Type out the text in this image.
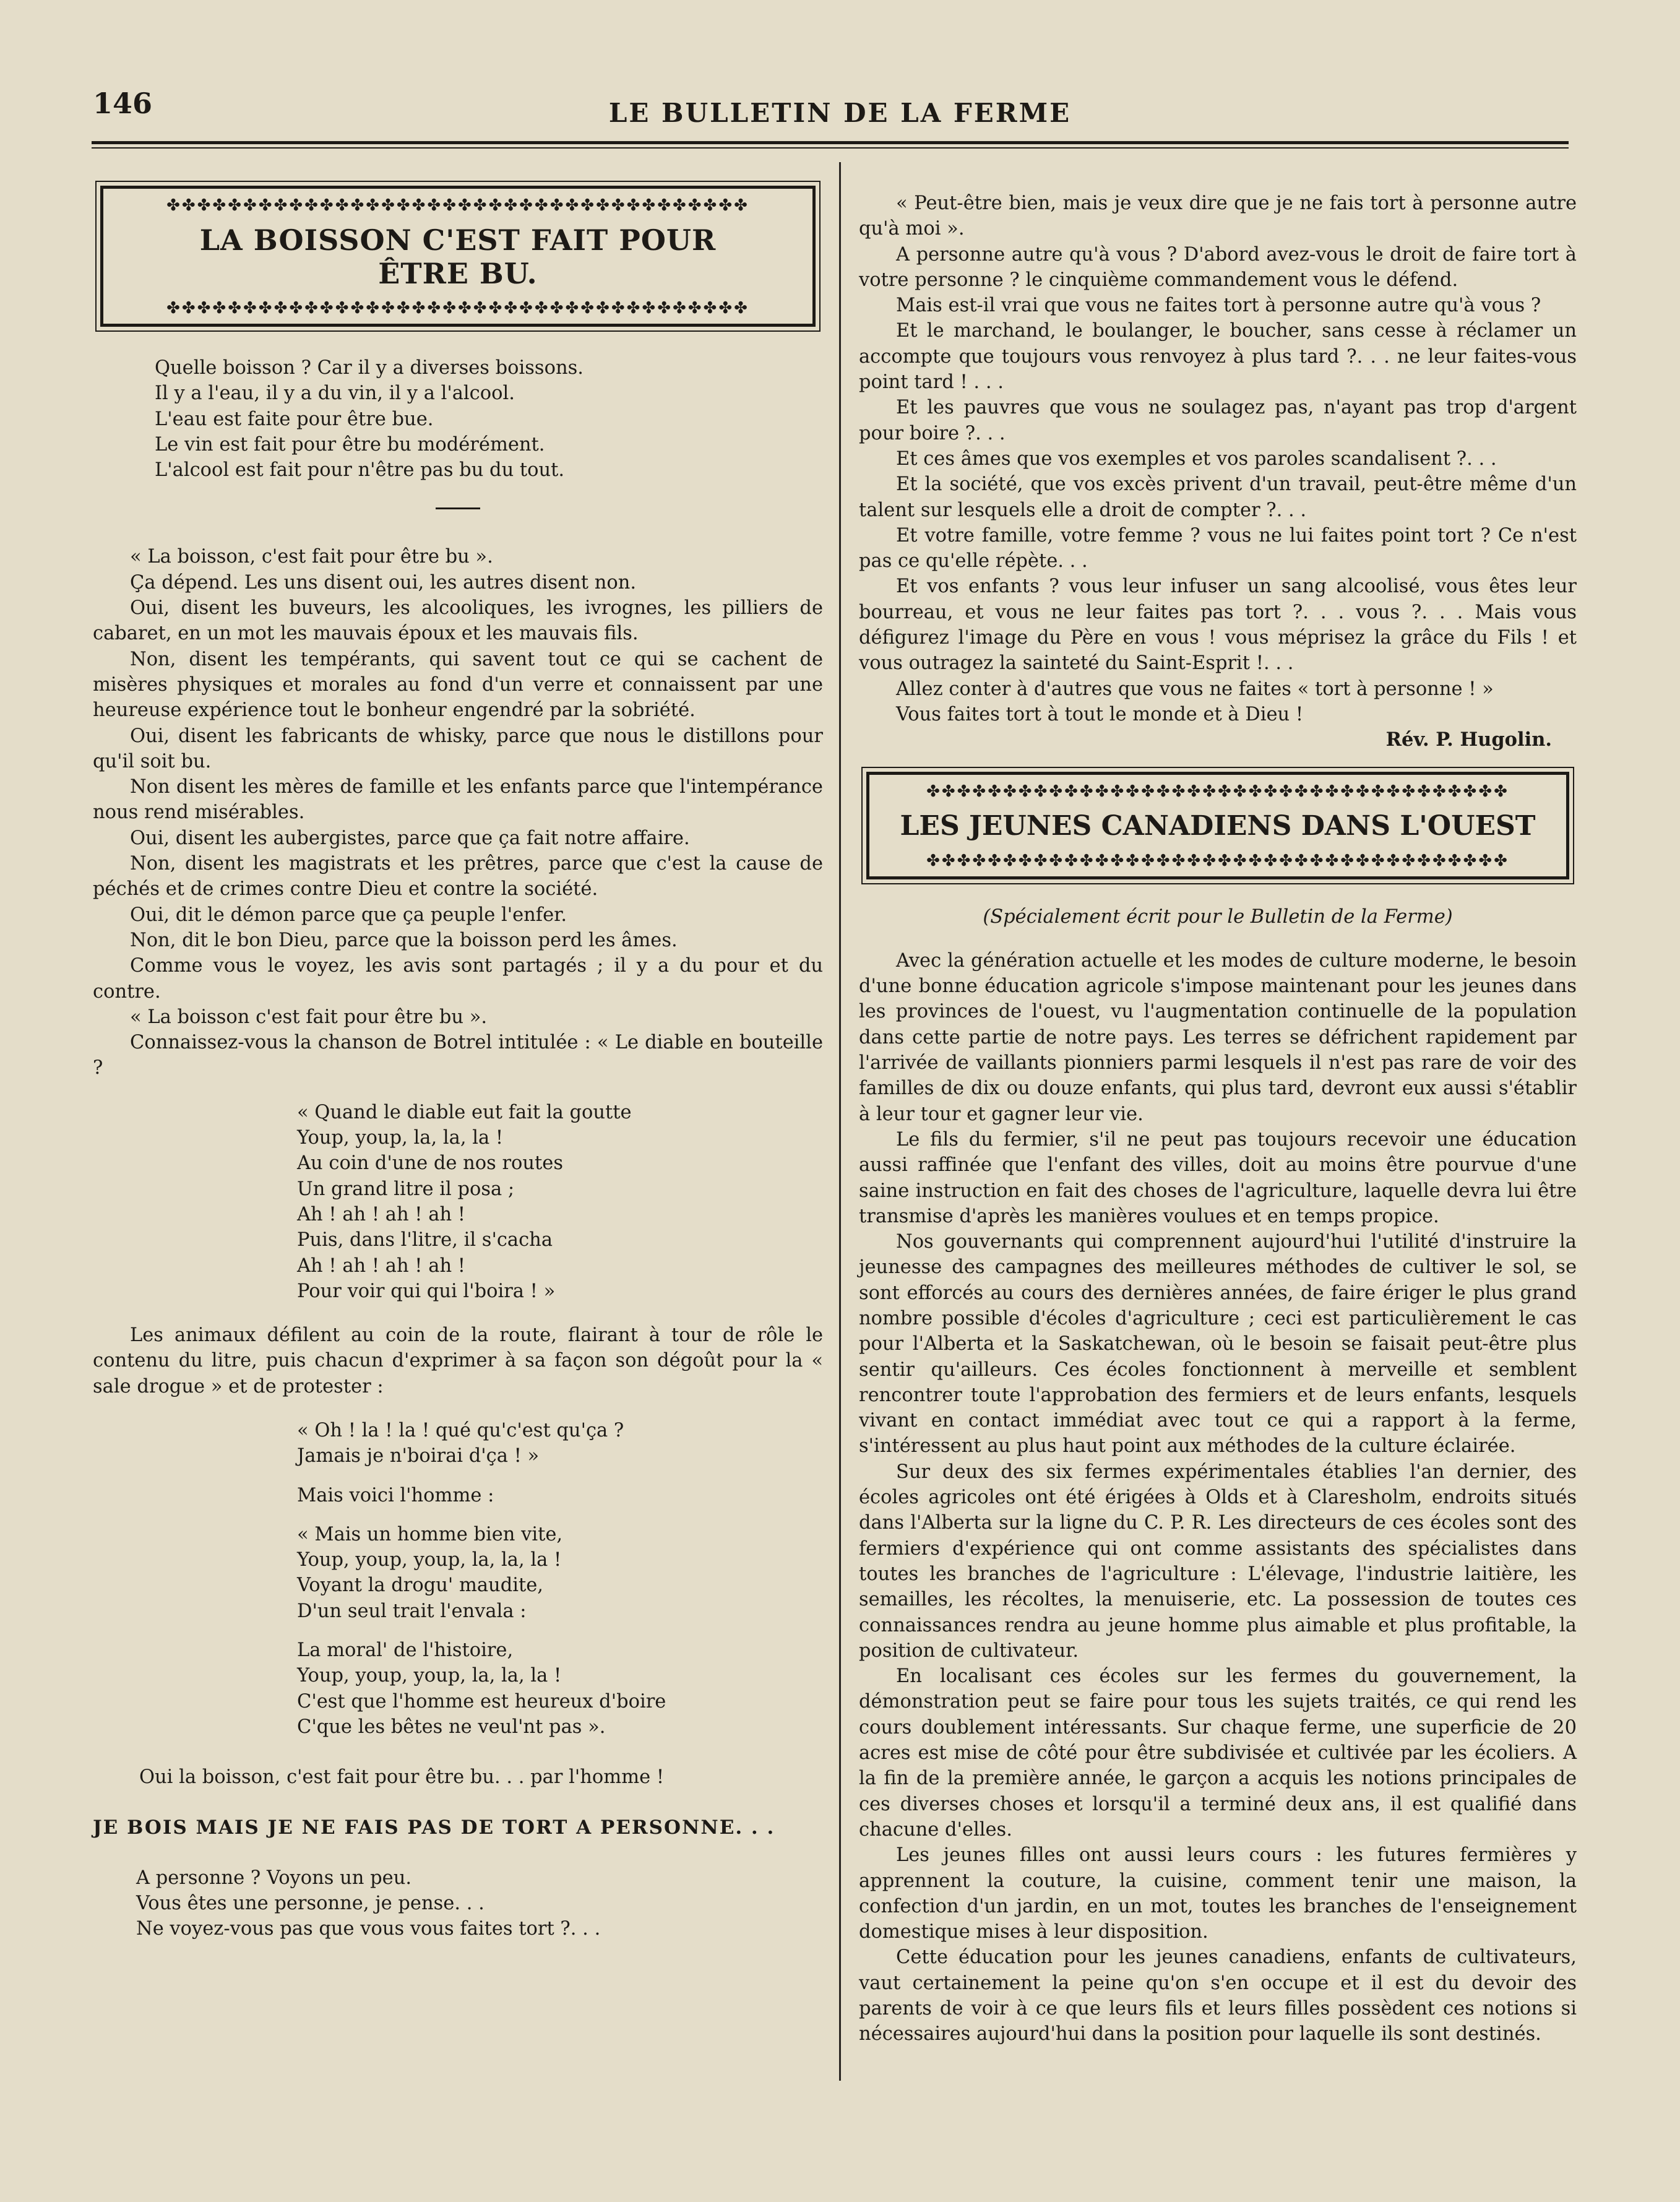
146	LE BULLETIN DE LA FERME
✤✤✤✤✤✤✤✤✤✤✤✤✤✤✤✤✤✤✤✤✤✤✤✤✤✤✤✤✤✤✤✤✤✤✤✤✤✤
LA BOISSON C'EST FAIT POUR
ÊTRE BU.
✤✤✤✤✤✤✤✤✤✤✤✤✤✤✤✤✤✤✤✤✤✤✤✤✤✤✤✤✤✤✤✤✤✤✤✤✤✤

Quelle boisson ? Car il y a diverses boissons.

Il y a l'eau, il y a du vin, il y a l'alcool.

L'eau est faite pour être bue.

Le vin est fait pour être bu modérément.

L'alcool est fait pour n'être pas bu du tout.

« La boisson, c'est fait pour être bu ».

Ça dépend. Les uns disent oui, les autres disent non.

Oui, disent les buveurs, les alcooliques, les ivrognes, les pilliers de cabaret, en un mot les mauvais époux et les mauvais fils.

Non, disent les tempérants, qui savent tout ce qui se cachent de misères physiques et morales au fond d'un verre et connaissent par une heureuse expérience tout le bonheur engendré par la sobriété.

Oui, disent les fabricants de whisky, parce que nous le distillons pour qu'il soit bu.

Non disent les mères de famille et les enfants parce que l'intempérance nous rend misérables.

Oui, disent les aubergistes, parce que ça fait notre affaire.

Non, disent les magistrats et les prêtres, parce que c'est la cause de péchés et de crimes contre Dieu et contre la société.

Oui, dit le démon parce que ça peuple l'enfer.

Non, dit le bon Dieu, parce que la boisson perd les âmes.

Comme vous le voyez, les avis sont partagés ; il y a du pour et du contre.

« La boisson c'est fait pour être bu ».

Connaissez-vous la chanson de Botrel intitulée : « Le diable en bouteille ?

« Quand le diable eut fait la goutte

Youp, youp, la, la, la !

Au coin d'une de nos routes

Un grand litre il posa ;

Ah ! ah ! ah ! ah !

Puis, dans l'litre, il s'cacha

Ah ! ah ! ah ! ah !

Pour voir qui qui l'boira ! »

Les animaux défilent au coin de la route, flairant à tour de rôle le contenu du litre, puis chacun d'exprimer à sa façon son dégoût pour la « sale drogue » et de protester :

« Oh ! la ! la ! qué qu'c'est qu'ça ?

Jamais je n'boirai d'ça ! »

Mais voici l'homme :

« Mais un homme bien vite,

Youp, youp, youp, la, la, la !

Voyant la drogu' maudite,

D'un seul trait l'envala :

La moral' de l'histoire,

Youp, youp, youp, la, la, la !

C'est que l'homme est heureux d'boire

C'que les bêtes ne veul'nt pas ».

Oui la boisson, c'est fait pour être bu. . . par l'homme !

JE BOIS MAIS JE NE FAIS PAS DE TORT A PERSONNE. . .

A personne ? Voyons un peu.

Vous êtes une personne, je pense. . .

Ne voyez-vous pas que vous vous faites tort ?. . .

« Peut-être bien, mais je veux dire que je ne fais tort à personne autre qu'à moi ».

A personne autre qu'à vous ? D'abord avez-vous le droit de faire tort à votre personne ? le cinquième commandement vous le défend.

Mais est-il vrai que vous ne faites tort à personne autre qu'à vous ?

Et le marchand, le boulanger, le boucher, sans cesse à réclamer un accompte que toujours vous renvoyez à plus tard ?. . . ne leur faites-vous point tard ! . . .

Et les pauvres que vous ne soulagez pas, n'ayant pas trop d'argent pour boire ?. . .

Et ces âmes que vos exemples et vos paroles scandalisent ?. . .

Et la société, que vos excès privent d'un travail, peut-être même d'un talent sur lesquels elle a droit de compter ?. . .

Et votre famille, votre femme ? vous ne lui faites point tort ? Ce n'est pas ce qu'elle répète. . .

Et vos enfants ? vous leur infuser un sang alcoolisé, vous êtes leur bourreau, et vous ne leur faites pas tort ?. . . vous ?. . . Mais vous défigurez l'image du Père en vous ! vous méprisez la grâce du Fils ! et vous outragez la sainteté du Saint-Esprit !. . .

Allez conter à d'autres que vous ne faites « tort à personne ! »

Vous faites tort à tout le monde et à Dieu !

Rév. P. Hugolin.

✤✤✤✤✤✤✤✤✤✤✤✤✤✤✤✤✤✤✤✤✤✤✤✤✤✤✤✤✤✤✤✤✤✤✤✤✤✤
LES JEUNES CANADIENS DANS L'OUEST
✤✤✤✤✤✤✤✤✤✤✤✤✤✤✤✤✤✤✤✤✤✤✤✤✤✤✤✤✤✤✤✤✤✤✤✤✤✤

(Spécialement écrit pour le Bulletin de la Ferme)

Avec la génération actuelle et les modes de culture moderne, le besoin d'une bonne éducation agricole s'impose maintenant pour les jeunes dans les provinces de l'ouest, vu l'augmentation continuelle de la population dans cette partie de notre pays. Les terres se défrichent rapidement par l'arrivée de vaillants pionniers parmi lesquels il n'est pas rare de voir des familles de dix ou douze enfants, qui plus tard, devront eux aussi s'établir à leur tour et gagner leur vie.

Le fils du fermier, s'il ne peut pas toujours recevoir une éducation aussi raffinée que l'enfant des villes, doit au moins être pourvue d'une saine instruction en fait des choses de l'agriculture, laquelle devra lui être transmise d'après les manières voulues et en temps propice.

Nos gouvernants qui comprennent aujourd'hui l'utilité d'instruire la jeunesse des campagnes des meilleures méthodes de cultiver le sol, se sont efforcés au cours des dernières années, de faire ériger le plus grand nombre possible d'écoles d'agriculture ; ceci est particulièrement le cas pour l'Alberta et la Saskatchewan, où le besoin se faisait peut-être plus sentir qu'ailleurs. Ces écoles fonctionnent à merveille et semblent rencontrer toute l'approbation des fermiers et de leurs enfants, lesquels vivant en contact immédiat avec tout ce qui a rapport à la ferme, s'intéressent au plus haut point aux méthodes de la culture éclairée.

Sur deux des six fermes expérimentales établies l'an dernier, des écoles agricoles ont été érigées à Olds et à Claresholm, endroits situés dans l'Alberta sur la ligne du C. P. R. Les directeurs de ces écoles sont des fermiers d'expérience qui ont comme assistants des spécialistes dans toutes les branches de l'agriculture : L'élevage, l'industrie laitière, les semailles, les récoltes, la menuiserie, etc. La possession de toutes ces connaissances rendra au jeune homme plus aimable et plus profitable, la position de cultivateur.

En localisant ces écoles sur les fermes du gouvernement, la démonstration peut se faire pour tous les sujets traités, ce qui rend les cours doublement intéressants. Sur chaque ferme, une superficie de 20 acres est mise de côté pour être subdivisée et cultivée par les écoliers. A la fin de la première année, le garçon a acquis les notions principales de ces diverses choses et lorsqu'il a terminé deux ans, il est qualifié dans chacune d'elles.

Les jeunes filles ont aussi leurs cours : les futures fermières y apprennent la couture, la cuisine, comment tenir une maison, la confection d'un jardin, en un mot, toutes les branches de l'enseignement domestique mises à leur disposition.

Cette éducation pour les jeunes canadiens, enfants de cultivateurs, vaut certainement la peine qu'on s'en occupe et il est du devoir des parents de voir à ce que leurs fils et leurs filles possèdent ces notions si nécessaires aujourd'hui dans la position pour laquelle ils sont destinés.
